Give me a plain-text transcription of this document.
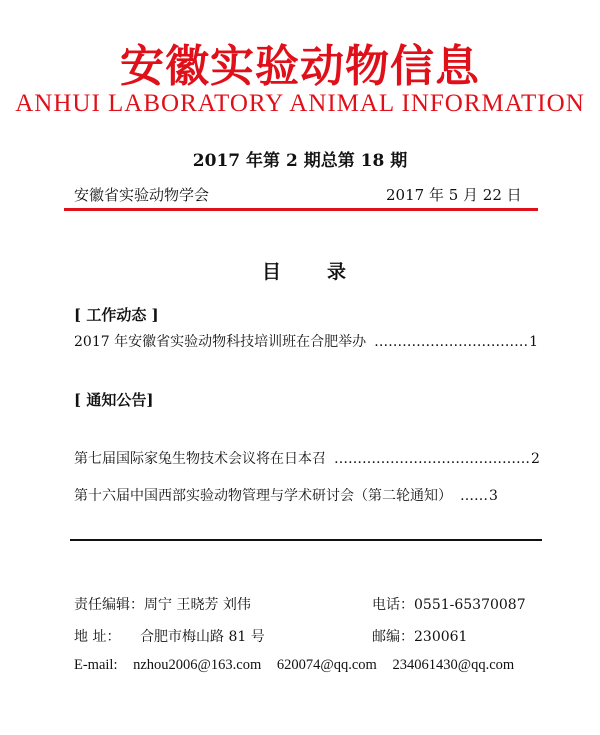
安徽实验动物信息
ANHUI LABORATORY ANIMAL INFORMATION
2017 年第 2 期总第 18 期
安徽省实验动物学会	2017 年 5 月 22 日
目 录
[ 工作动态 ]
2017 年安徽省实验动物科技培训班在合肥举办 …………………………… 1
[ 通知公告]
第七届国际家兔生物技术会议将在日本召 …………………………………… 2
第十六届中国西部实验动物管理与学术研讨会（第二轮通知） …… 3
责任编辑：周宁 王晓芳 刘伟	电话：0551-65370087
地 址： 合肥市梅山路 81 号	邮编：230061
E-mail: nzhou2006@163.com 620074@qq.com 234061430@qq.com
